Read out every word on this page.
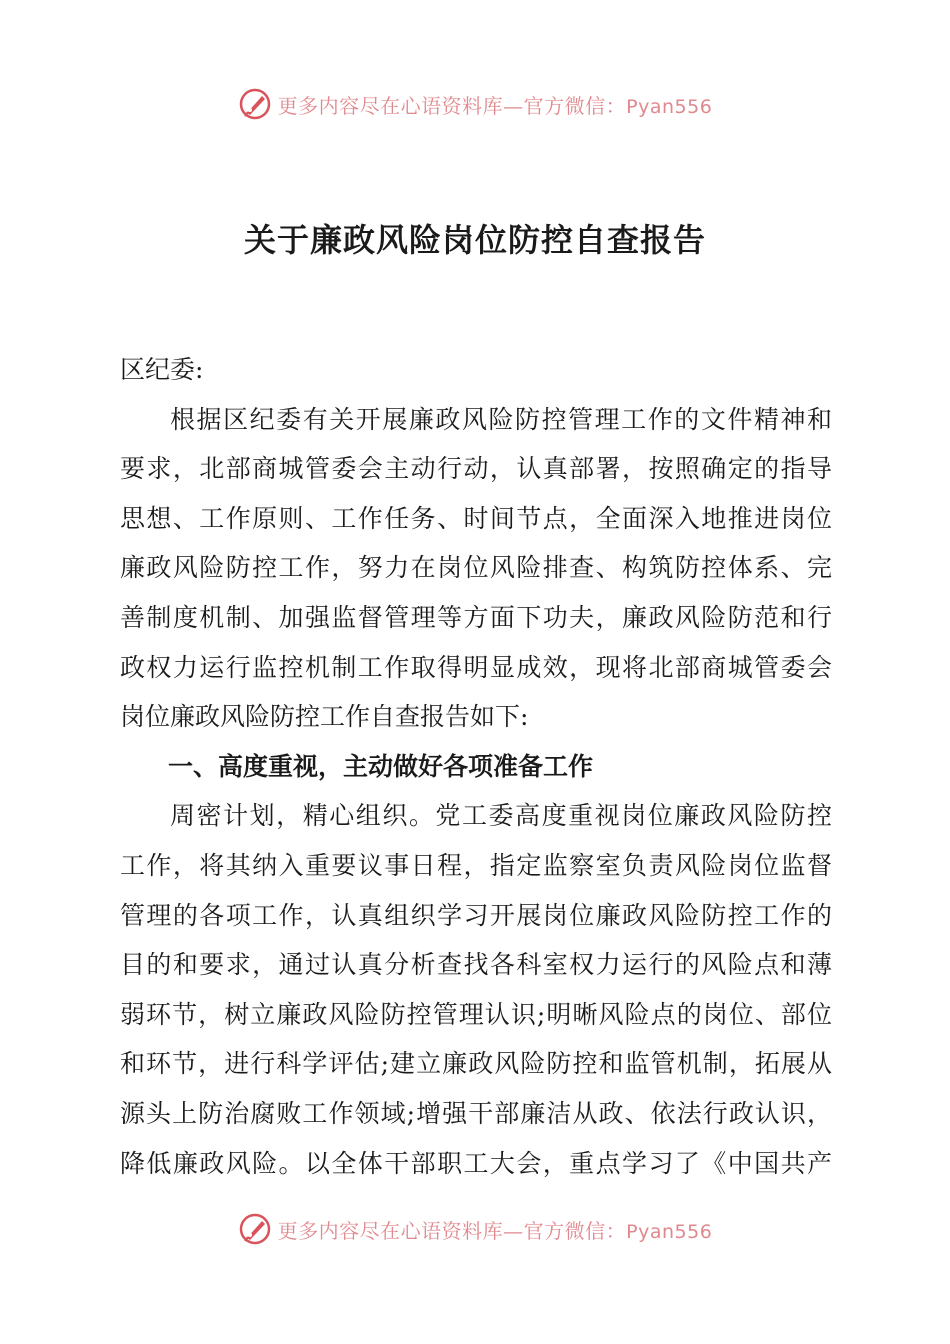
更多内容尽在心语资料库—官方微信：Pyan556
关于廉政风险岗位防控自查报告
区纪委:
根据区纪委有关开展廉政风险防控管理工作的文件精神和
要求，北部商城管委会主动行动，认真部署，按照确定的指导
思想、工作原则、工作任务、时间节点，全面深入地推进岗位
廉政风险防控工作，努力在岗位风险排查、构筑防控体系、完
善制度机制、加强监督管理等方面下功夫，廉政风险防范和行
政权力运行监控机制工作取得明显成效，现将北部商城管委会
岗位廉政风险防控工作自查报告如下:
一、高度重视，主动做好各项准备工作
周密计划，精心组织。党工委高度重视岗位廉政风险防控
工作，将其纳入重要议事日程，指定监察室负责风险岗位监督
管理的各项工作，认真组织学习开展岗位廉政风险防控工作的
目的和要求，通过认真分析查找各科室权力运行的风险点和薄
弱环节，树立廉政风险防控管理认识;明晰风险点的岗位、部位
和环节，进行科学评估;建立廉政风险防控和监管机制，拓展从
源头上防治腐败工作领域;增强干部廉洁从政、依法行政认识，
降低廉政风险。以全体干部职工大会，重点学习了《中国共产
更多内容尽在心语资料库—官方微信：Pyan556
